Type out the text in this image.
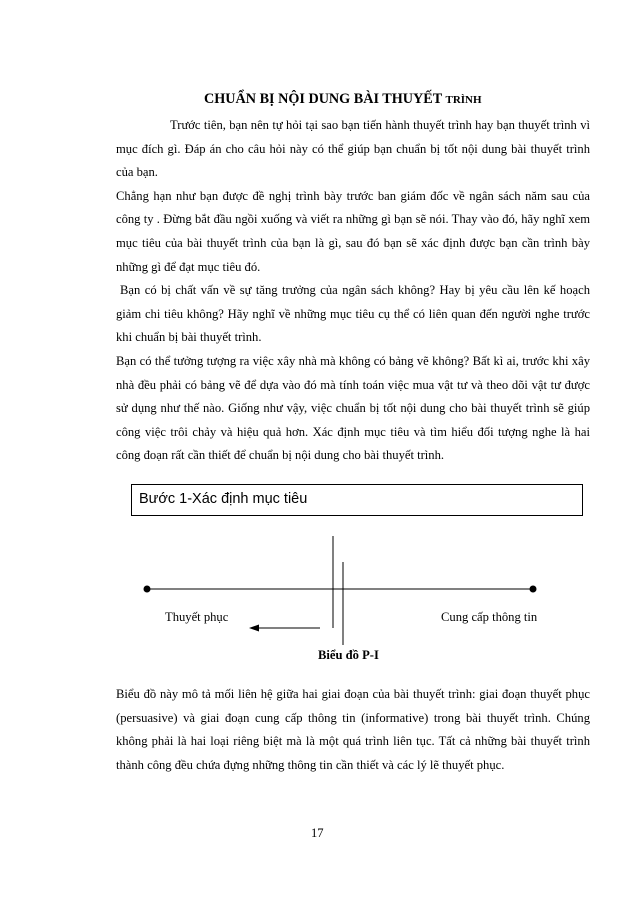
CHUẨN BỊ NỘI DUNG BÀI THUYẾT TRÌNH

Trước tiên, bạn nên tự hỏi tại sao bạn tiến hành thuyết trình hay bạn thuyết trình vì mục đích gì. Đáp án cho câu hỏi này có thể giúp bạn chuẩn bị tốt nội dung bài thuyết trình của bạn.

Chẳng hạn như bạn được đề nghị trình bày trước ban giám đốc về ngân sách năm sau của công ty . Đừng bắt đầu ngồi xuống và viết ra những gì bạn sẽ nói. Thay vào đó, hãy nghĩ xem mục tiêu của bài thuyết trình của bạn là gì, sau đó bạn sẽ xác định được bạn cần trình bày những gì để đạt mục tiêu đó.

Bạn có bị chất vấn về sự tăng trưởng của ngân sách không? Hay bị yêu cầu lên kế hoạch giảm chi tiêu không? Hãy nghĩ về những mục tiêu cụ thể có liên quan đến người nghe trước khi chuẩn bị bài thuyết trình.

Bạn có thể tưởng tượng ra việc xây nhà mà không có bảng vẽ không? Bất kì ai, trước khi xây nhà đều phải có bảng vẽ để dựa vào đó mà tính toán việc mua vật tư và theo dõi vật tư được sử dụng như thế nào. Giống như vậy, việc chuẩn bị tốt nội dung cho bài thuyết trình sẽ giúp công việc trôi chảy và hiệu quả hơn. Xác định mục tiêu và tìm hiểu đối tượng nghe là hai công đoạn rất cần thiết để chuẩn bị nội dung cho bài thuyết trình.

Bước 1-Xác định mục tiêu
Thuyết phục	Cung cấp thông tin
Biểu đồ P-I

Biểu đồ này mô tả mối liên hệ giữa hai giai đoạn của bài thuyết trình: giai đoạn thuyết phục (persuasive) và giai đoạn cung cấp thông tin (informative) trong bài thuyết trình. Chúng không phải là hai loại riêng biệt mà là một quá trình liên tục. Tất cả những bài thuyết trình thành công đều chứa đựng những thông tin cần thiết và các lý lẽ thuyết phục.

17
